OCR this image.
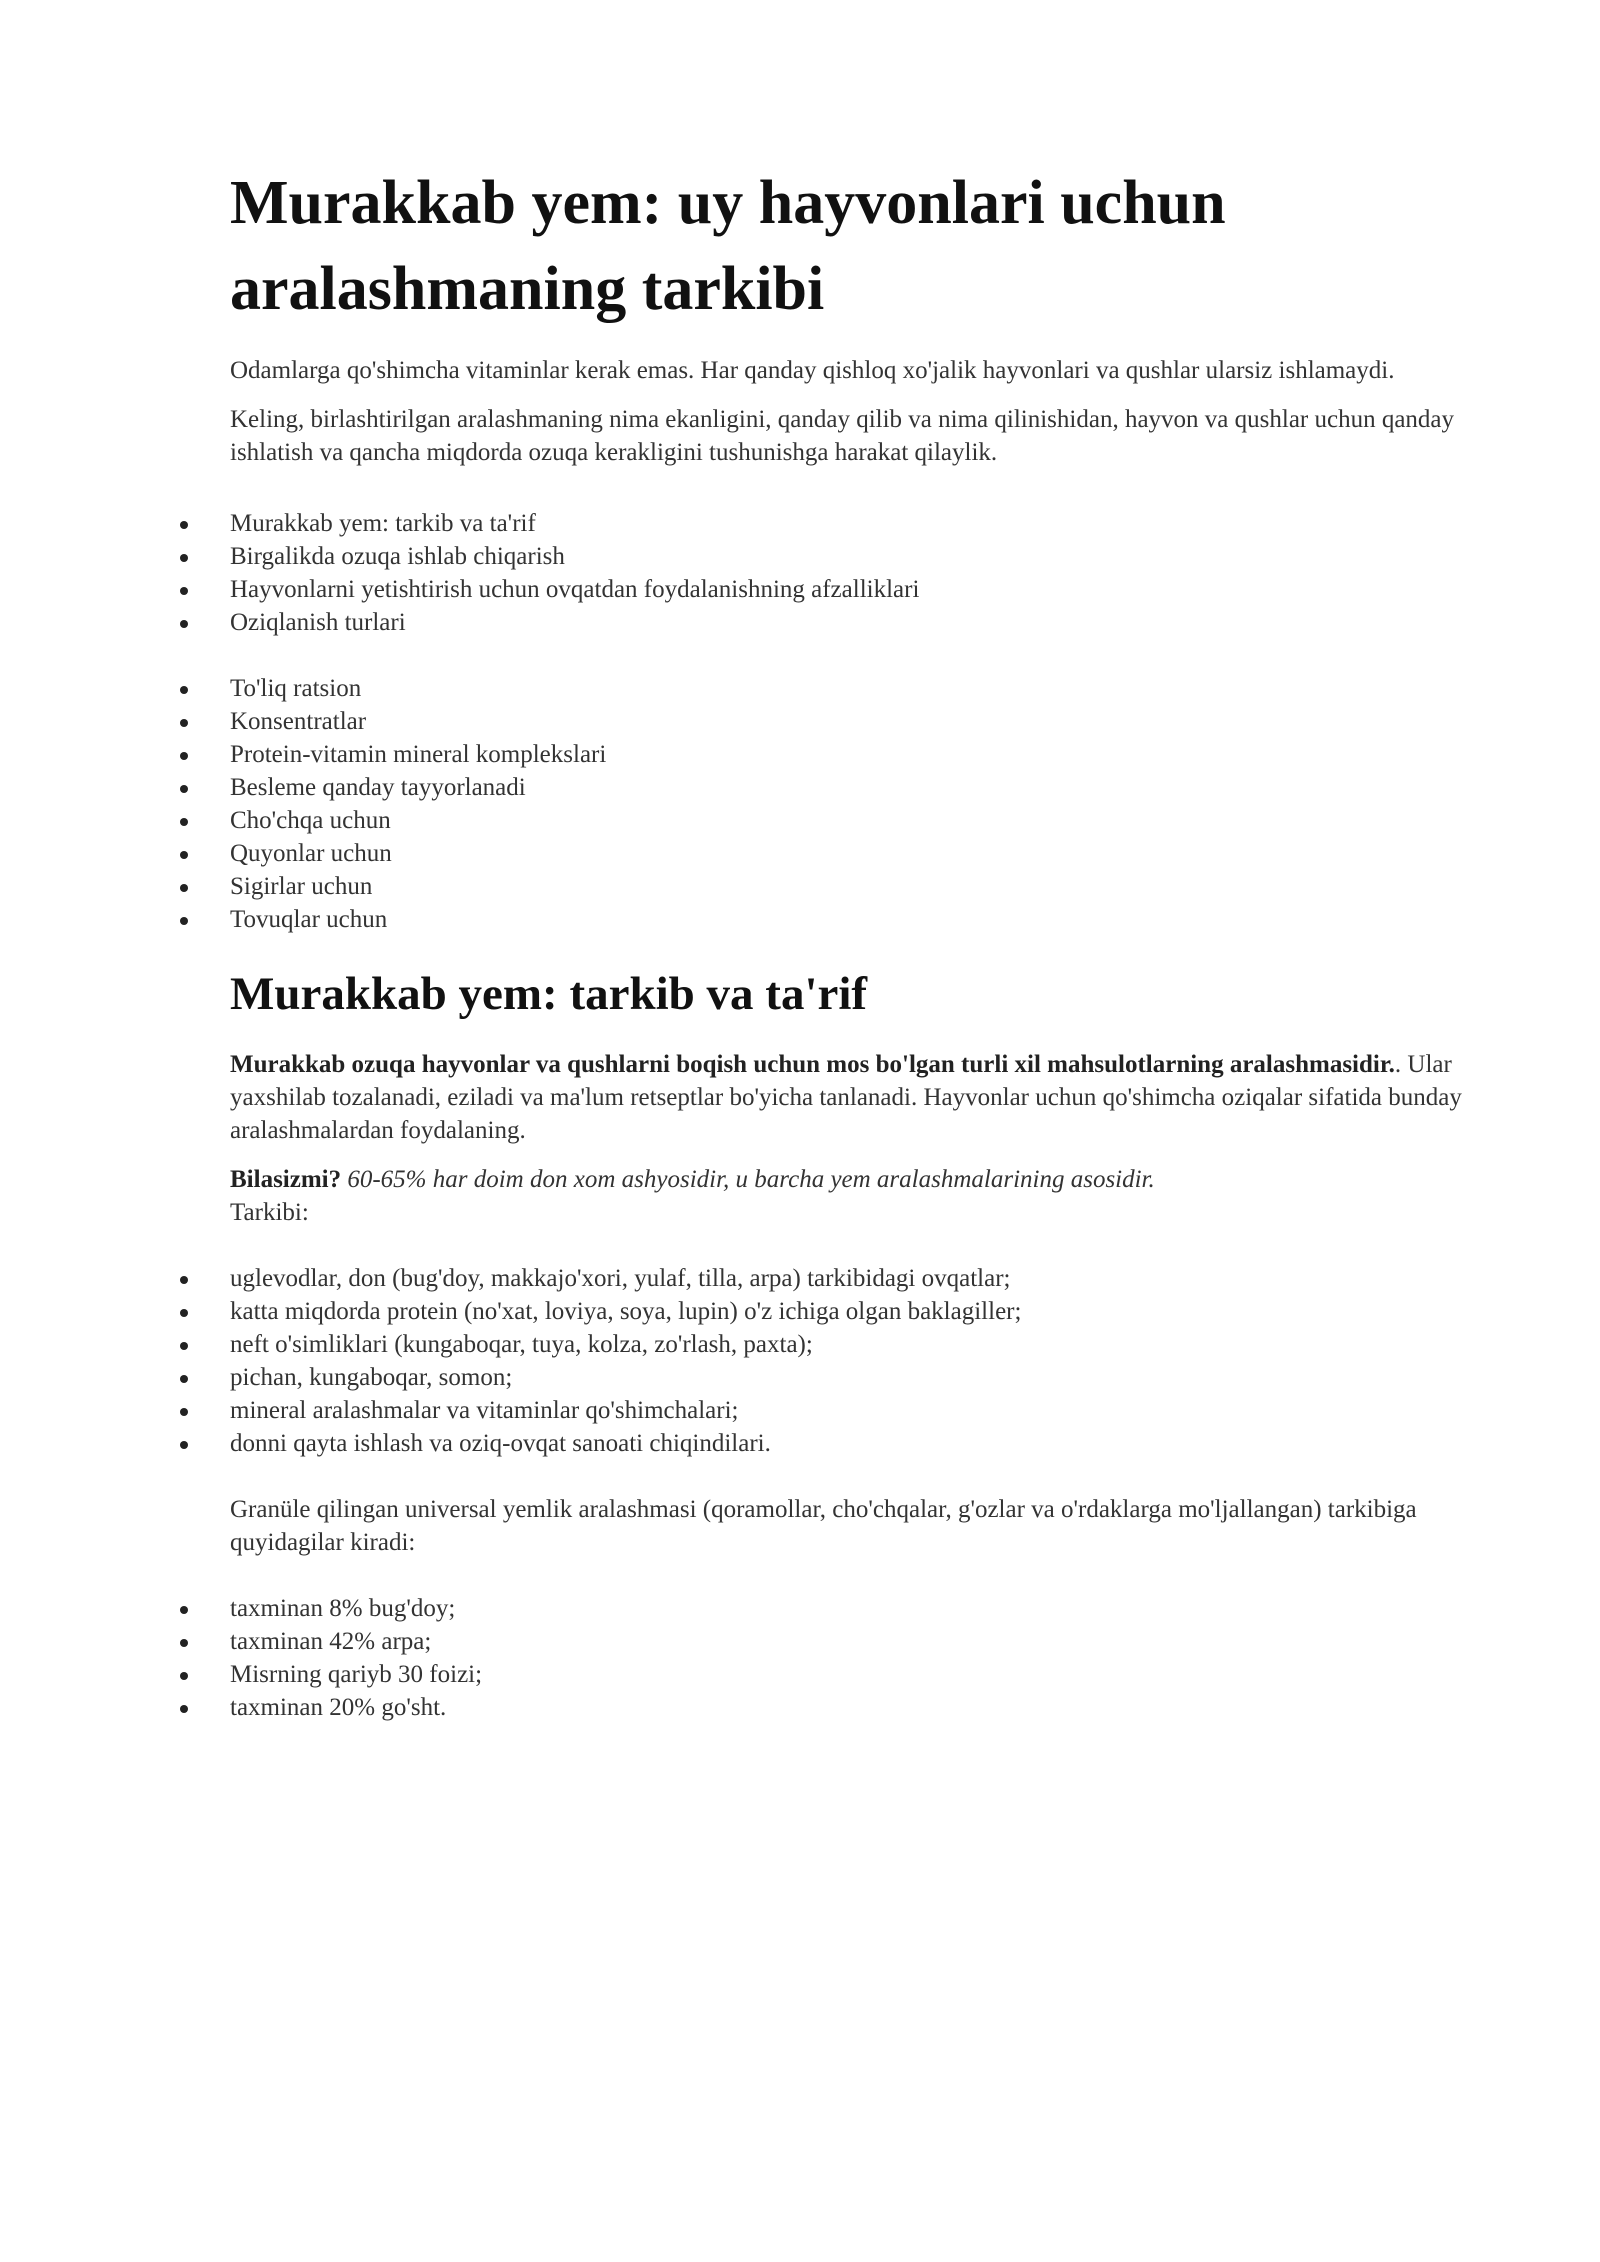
Murakkab yem: uy hayvonlari uchun aralashmaning tarkibi

Odamlarga qo'shimcha vitaminlar kerak emas. Har qanday qishloq xo'jalik hayvonlari va qushlar ularsiz ishlamaydi.

Keling, birlashtirilgan aralashmaning nima ekanligini, qanday qilib va nima qilinishidan, hayvon va qushlar uchun qanday ishlatish va qancha miqdorda ozuqa kerakligini tushunishga harakat qilaylik.

Murakkab yem: tarkib va ta'rif
Birgalikda ozuqa ishlab chiqarish
Hayvonlarni yetishtirish uchun ovqatdan foydalanishning afzalliklari
Oziqlanish turlari
To'liq ratsion
Konsentratlar
Protein-vitamin mineral komplekslari
Besleme qanday tayyorlanadi
Cho'chqa uchun
Quyonlar uchun
Sigirlar uchun
Tovuqlar uchun
Murakkab yem: tarkib va ta'rif

Murakkab ozuqa hayvonlar va qushlarni boqish uchun mos bo'lgan turli xil mahsulotlarning aralashmasidir.. Ular yaxshilab tozalanadi, eziladi va ma'lum retseptlar bo'yicha tanlanadi. Hayvonlar uchun qo'shimcha oziqalar sifatida bunday aralashmalardan foydalaning.

Bilasizmi? 60-65% har doim don xom ashyosidir, u barcha yem aralashmalarining asosidir.
Tarkibi:

uglevodlar, don (bug'doy, makkajo'xori, yulaf, tilla, arpa) tarkibidagi ovqatlar;
katta miqdorda protein (no'xat, loviya, soya, lupin) o'z ichiga olgan baklagiller;
neft o'simliklari (kungaboqar, tuya, kolza, zo'rlash, paxta);
pichan, kungaboqar, somon;
mineral aralashmalar va vitaminlar qo'shimchalari;
donni qayta ishlash va oziq-ovqat sanoati chiqindilari.

Granüle qilingan universal yemlik aralashmasi (qoramollar, cho'chqalar, g'ozlar va o'rdaklarga mo'ljallangan) tarkibiga quyidagilar kiradi:

taxminan 8% bug'doy;
taxminan 42% arpa;
Misrning qariyb 30 foizi;
taxminan 20% go'sht.
